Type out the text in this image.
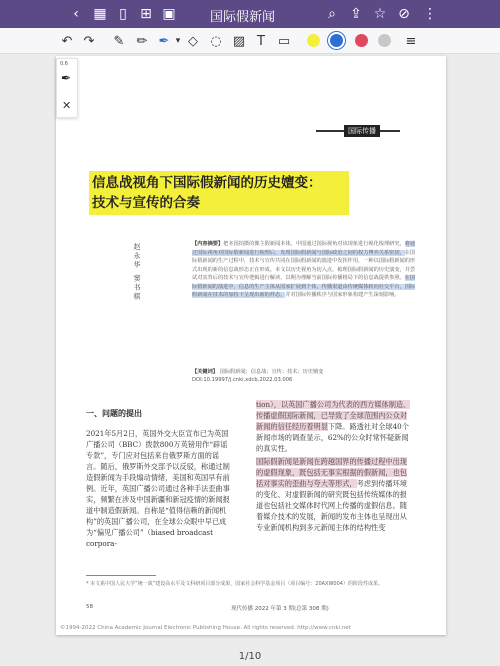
‹	▦ ▯ ⊞ ▣	国际假新闻	⌕	⇪ ☆ ⊘ ⋮
↶ ↷ ✎ ✏ ✒ ▾ ◇ ◌ ▨ T ▭	≡
国际传播
信息战视角下国际假新闻的历史嬗变：
技术与宣传的合奏
赵永华 窦书棋	【内容摘要】把本国拍摄的像主假新闻本体，中国通过国际视角对该现象进行视化梳理研究，将通过国际视角对国际假新闻进行梳理后，发现国际假新闻与国际政治之间的权力博弈关系密切，在国际假新闻的生产过程中，技术与宣传共同在国际假新闻的演进中发挥作用，一种以国际假新闻的形式出现的新的信息战形态正在形成。本文以历史视角为切入点，梳理国际假新闻的历史演变，并尝试对其背后的技术与宣传逻辑进行解读，以期为理解当前国际传播格局下的信息战提供参照。在国际假新闻的演进中，信息的生产主体从国家扩展到个体，传播渠道由传统媒体转向社交平台，国际假新闻在技术的加持下呈现出新的样态，并对国际传播秩序与国家形象构建产生深刻影响。
【关键词】 国际假新闻；信息战；宣传；技术；历史嬗变
DOI:10.19997/j.cnki.xdcb.2022.03.006
一、问题的提出
2021年5月2日，英国外交大臣宣布已为英国广播公司（BBC）拨款800万英镑用作“辟谣专款”，专门应对包括来自俄罗斯方面的谣言。随后，俄罗斯外交部予以反驳，称通过制造假新闻为手段煽动情绪，美国和英国早有前例。近年，英国广播公司通过各种手法歪曲事实，频繁在涉及中国新疆和新冠疫情的新闻报道中制造假新闻。自称是“值得信赖的新闻机构”的英国广播公司，在全球公众眼中早已成为“偏见广播公司”（biased broadcast corpora-
tion），以英国广播公司为代表的西方媒体制造、传播虚假国际新闻，已导致了全球范围内公众对新闻的信任经历着明显下降。路透社对全球40个新闻市场的调查显示，62%的公众时常怀疑新闻的真实性。
国际假新闻是新闻在跨越国界的传播过程中出现的虚假现象，既包括无事实根据的假新闻，也包括对事实的歪曲与夸大等形式，考虑到传播环境的变化、对虚假新闻的研究既包括传统媒体的报道也包括社交媒体时代网上传播的虚假信息。随着媒介技术的发展，新闻的发布主体也呈现出从专业新闻机构到多元新闻主体的结构性变
* 本文系中国人民大学“统一战”建设高水平及文科研项目部分成果，国家社会科学基金项目（项目编号：20AXW004）的阶段性成果。
58	现代传播 2022 年第 3 期(总第 308 期)
©1994-2022 China Academic Journal Electronic Publishing House. All rights reserved. http://www.cnki.net
0.6
✒
✕
1/10
